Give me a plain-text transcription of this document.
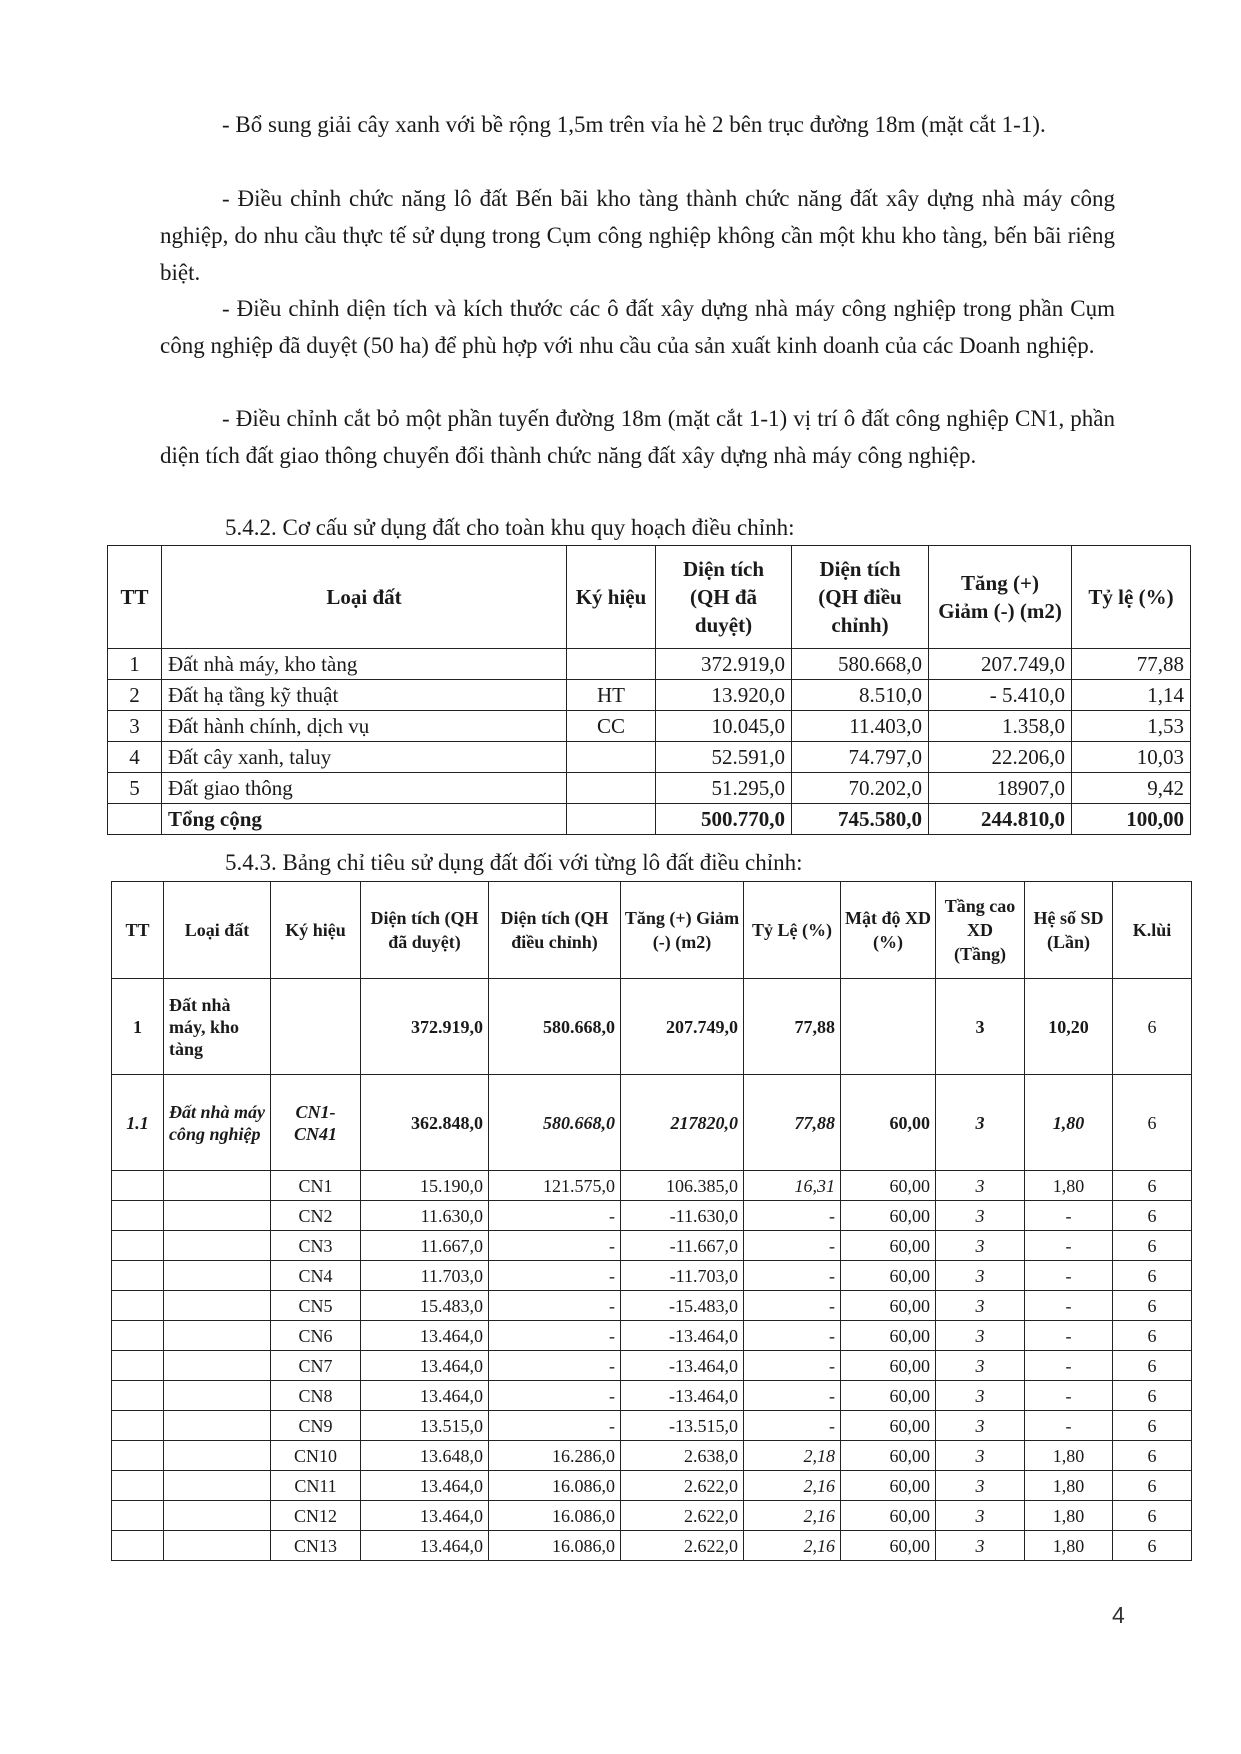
- Bổ sung giải cây xanh với bề rộng 1,5m trên vỉa hè 2 bên trục đường 18m (mặt cắt 1-1).

- Điều chỉnh chức năng lô đất Bến bãi kho tàng thành chức năng đất xây dựng nhà máy công nghiệp, do nhu cầu thực tế sử dụng trong Cụm công nghiệp không cần một khu kho tàng, bến bãi riêng biệt.

- Điều chỉnh diện tích và kích thước các ô đất xây dựng nhà máy công nghiệp trong phần Cụm công nghiệp đã duyệt (50 ha) để phù hợp với nhu cầu của sản xuất kinh doanh của các Doanh nghiệp.

- Điều chỉnh cắt bỏ một phần tuyến đường 18m (mặt cắt 1-1) vị trí ô đất công nghiệp CN1, phần diện tích đất giao thông chuyển đổi thành chức năng đất xây dựng nhà máy công nghiệp.

5.4.2. Cơ cấu sử dụng đất cho toàn khu quy hoạch điều chỉnh:

TT	Loại đất	Ký hiệu	Diện tích (QH đã duyệt)	Diện tích (QH điều chỉnh)	Tăng (+) Giảm (-) (m2)	Tỷ lệ (%)
1	Đất nhà máy, kho tàng		372.919,0	580.668,0	207.749,0	77,88
2	Đất hạ tầng kỹ thuật	HT	13.920,0	8.510,0	- 5.410,0	1,14
3	Đất hành chính, dịch vụ	CC	10.045,0	11.403,0	1.358,0	1,53
4	Đất cây xanh, taluy		52.591,0	74.797,0	22.206,0	10,03
5	Đất giao thông		51.295,0	70.202,0	18907,0	9,42
	Tổng cộng		500.770,0	745.580,0	244.810,0	100,00

5.4.3. Bảng chỉ tiêu sử dụng đất đối với từng lô đất điều chỉnh:

TT	Loại đất	Ký hiệu	Diện tích (QH đã duyệt)	Diện tích (QH điều chỉnh)	Tăng (+) Giảm (-) (m2)	Tỷ Lệ (%)	Mật độ XD (%)	Tầng cao XD (Tầng)	Hệ số SD (Lần)	K.lùi
1	Đất nhà máy, kho tàng		372.919,0	580.668,0	207.749,0	77,88		3	10,20	6
1.1	Đất nhà máy công nghiệp	CN1-CN41	362.848,0	580.668,0	217820,0	77,88	60,00	3	1,80	6
		CN1	15.190,0	121.575,0	106.385,0	16,31	60,00	3	1,80	6
		CN2	11.630,0	-	-11.630,0	-	60,00	3	-	6
		CN3	11.667,0	-	-11.667,0	-	60,00	3	-	6
		CN4	11.703,0	-	-11.703,0	-	60,00	3	-	6
		CN5	15.483,0	-	-15.483,0	-	60,00	3	-	6
		CN6	13.464,0	-	-13.464,0	-	60,00	3	-	6
		CN7	13.464,0	-	-13.464,0	-	60,00	3	-	6
		CN8	13.464,0	-	-13.464,0	-	60,00	3	-	6
		CN9	13.515,0	-	-13.515,0	-	60,00	3	-	6
		CN10	13.648,0	16.286,0	2.638,0	2,18	60,00	3	1,80	6
		CN11	13.464,0	16.086,0	2.622,0	2,16	60,00	3	1,80	6
		CN12	13.464,0	16.086,0	2.622,0	2,16	60,00	3	1,80	6
		CN13	13.464,0	16.086,0	2.622,0	2,16	60,00	3	1,80	6
4
